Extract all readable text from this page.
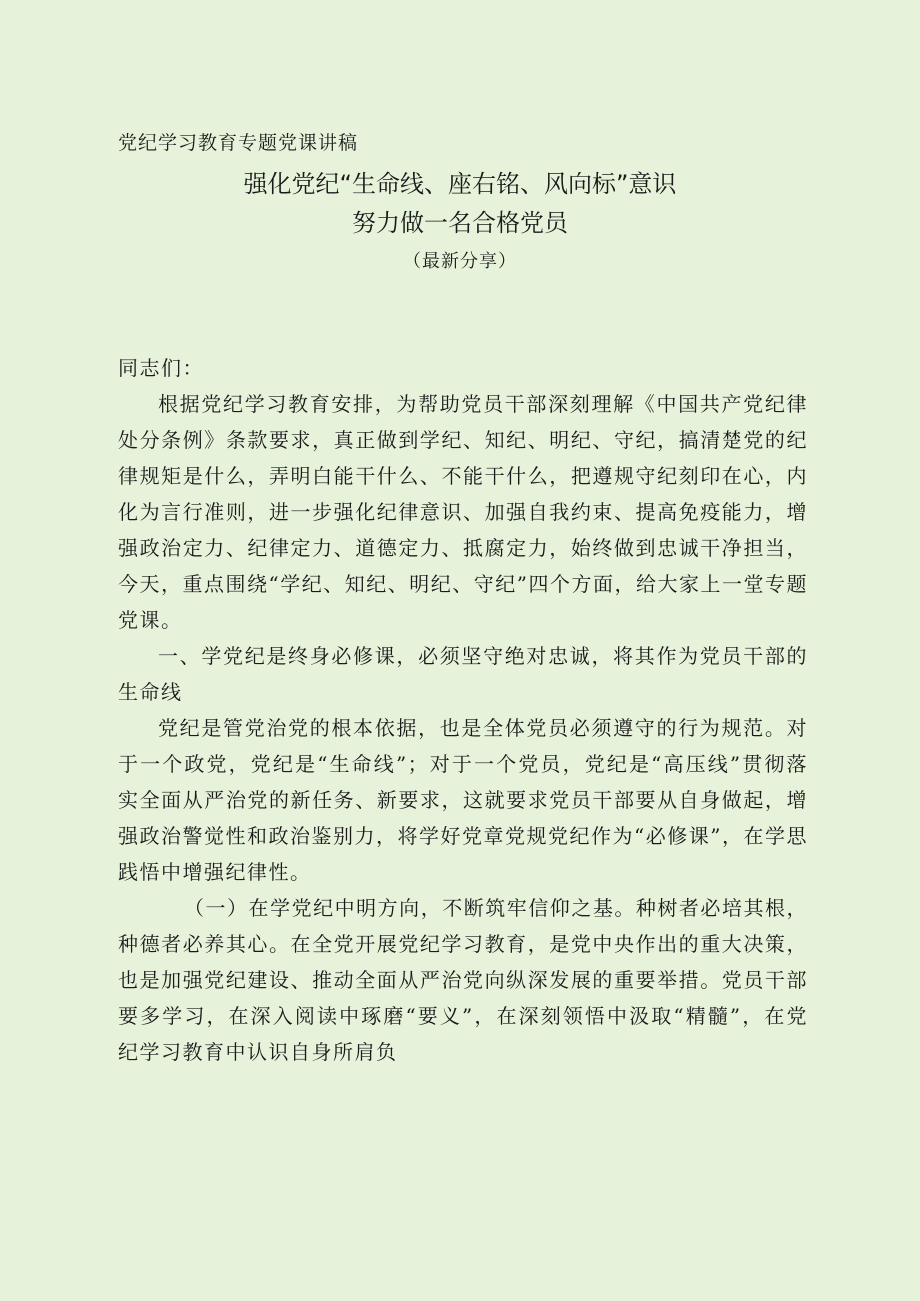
党纪学习教育专题党课讲稿
强化党纪“生命线、座右铭、风向标”意识
努力做一名合格党员
（最新分享）

同志们：

根据党纪学习教育安排，为帮助党员干部深刻理解《中国共产党纪律处分条例》条款要求，真正做到学纪、知纪、明纪、守纪，搞清楚党的纪律规矩是什么，弄明白能干什么、不能干什么，把遵规守纪刻印在心，内化为言行准则，进一步强化纪律意识、加强自我约束、提高免疫能力，增强政治定力、纪律定力、道德定力、抵腐定力，始终做到忠诚干净担当，今天，重点围绕“学纪、知纪、明纪、守纪”四个方面，给大家上一堂专题党课。

一、学党纪是终身必修课，必须坚守绝对忠诚，将其作为党员干部的生命线

党纪是管党治党的根本依据，也是全体党员必须遵守的行为规范。对于一个政党，党纪是“生命线”；对于一个党员，党纪是“高压线”贯彻落实全面从严治党的新任务、新要求，这就要求党员干部要从自身做起，增强政治警觉性和政治鉴别力，将学好党章党规党纪作为“必修课”，在学思践悟中增强纪律性。

（一）在学党纪中明方向，不断筑牢信仰之基。种树者必培其根，种德者必养其心。在全党开展党纪学习教育，是党中央作出的重大决策，也是加强党纪建设、推动全面从严治党向纵深发展的重要举措。党员干部要多学习，在深入阅读中琢磨“要义”，在深刻领悟中汲取“精髓”，在党纪学习教育中认识自身所肩负
